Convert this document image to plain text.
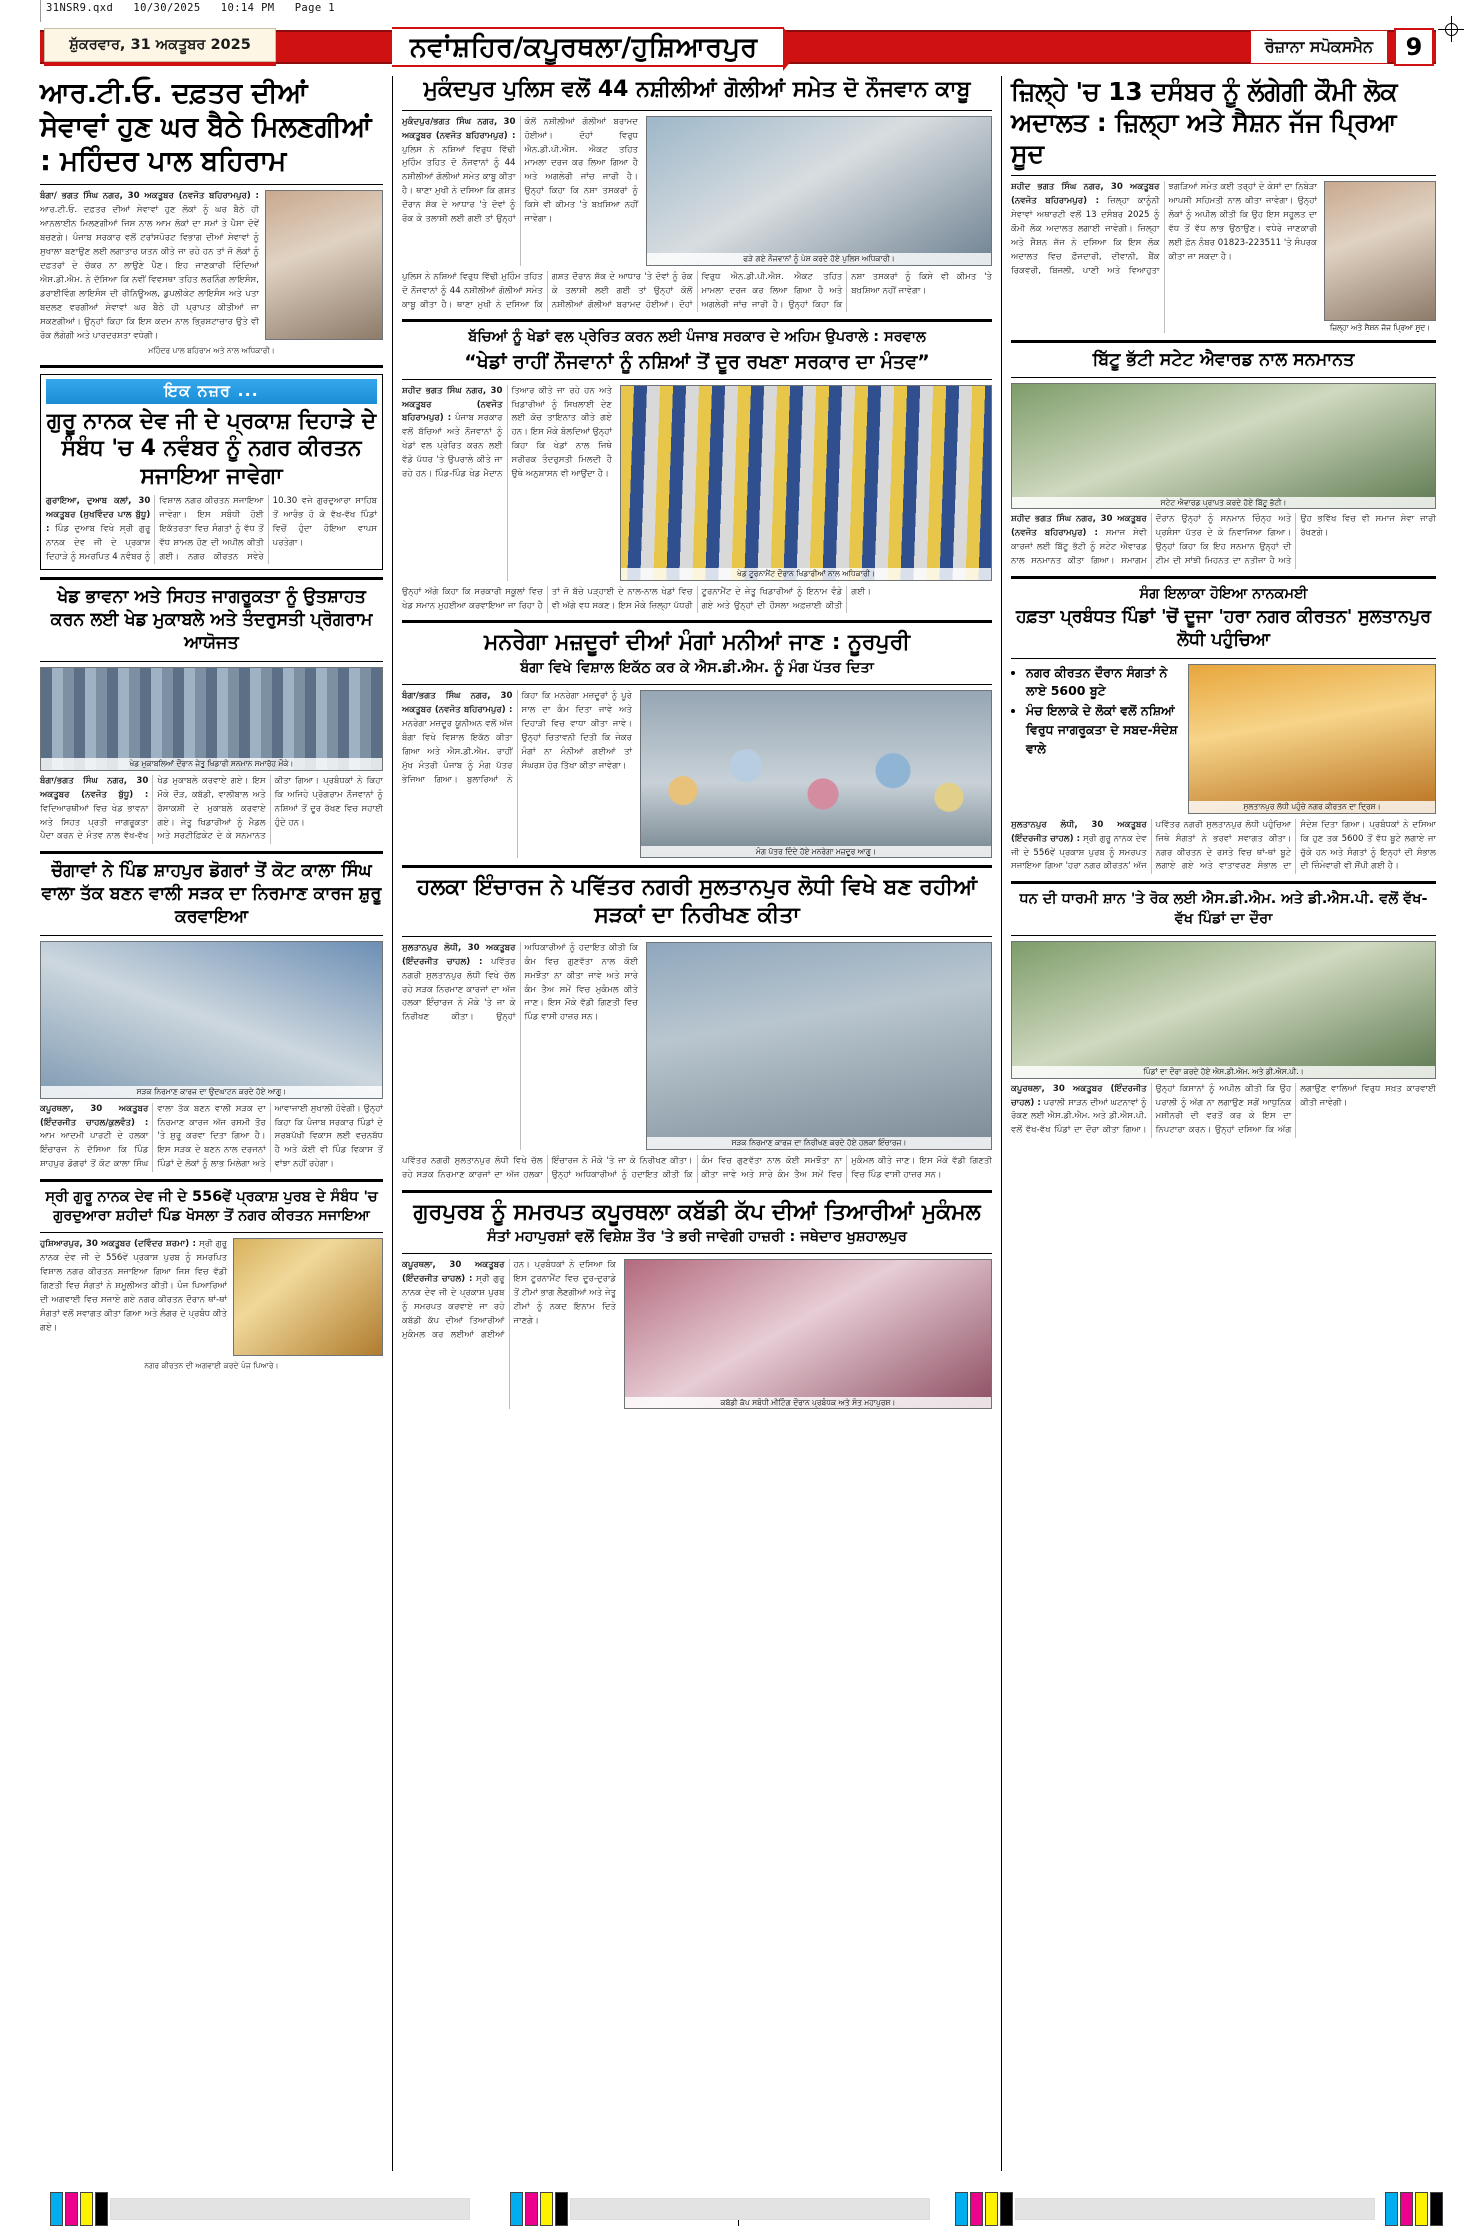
31NSR9.qxd   10/30/2025   10:14 PM   Page 1
ਸ਼ੁੱਕਰਵਾਰ, 31 ਅਕਤੂਬਰ 2025	ਨਵਾਂਸ਼ਹਿਰ/ਕਪੂਰਥਲਾ/ਹੁਸ਼ਿਆਰਪੁਰ	ਰੋਜ਼ਾਨਾ ਸਪੋਕਸਮੈਨ	9
ਆਰ.ਟੀ.ਓ. ਦਫ਼ਤਰ ਦੀਆਂ ਸੇਵਾਵਾਂ ਹੁਣ ਘਰ ਬੈਠੇ ਮਿਲਣਗੀਆਂ : ਮਹਿੰਦਰ ਪਾਲ ਬਹਿਰਾਮ
ਬੰਗਾ/ ਭਗਤ ਸਿੰਘ ਨਗਰ, 30 ਅਕਤੂਬਰ (ਨਵਜੋਤ ਬਹਿਰਾਮਪੁਰ) : ਆਰ.ਟੀ.ਓ. ਦਫ਼ਤਰ ਦੀਆਂ ਸੇਵਾਵਾਂ ਹੁਣ ਲੋਕਾਂ ਨੂੰ ਘਰ ਬੈਠੇ ਹੀ ਆਨਲਾਈਨ ਮਿਲਣਗੀਆਂ ਜਿਸ ਨਾਲ ਆਮ ਲੋਕਾਂ ਦਾ ਸਮਾਂ ਤੇ ਪੈਸਾ ਦੋਵੇਂ ਬਚਣਗੇ। ਪੰਜਾਬ ਸਰਕਾਰ ਵਲੋਂ ਟਰਾਂਸਪੋਰਟ ਵਿਭਾਗ ਦੀਆਂ ਸੇਵਾਵਾਂ ਨੂੰ ਸੁਖਾਲਾ ਬਣਾਉਣ ਲਈ ਲਗਾਤਾਰ ਯਤਨ ਕੀਤੇ ਜਾ ਰਹੇ ਹਨ ਤਾਂ ਜੋ ਲੋਕਾਂ ਨੂੰ ਦਫ਼ਤਰਾਂ ਦੇ ਚੱਕਰ ਨਾ ਲਾਉਣੇ ਪੈਣ। ਇਹ ਜਾਣਕਾਰੀ ਦਿੰਦਿਆਂ ਐਸ.ਡੀ.ਐਮ. ਨੇ ਦੱਸਿਆ ਕਿ ਨਵੀਂ ਵਿਵਸਥਾ ਤਹਿਤ ਲਰਨਿੰਗ ਲਾਇਸੰਸ, ਡਰਾਈਵਿੰਗ ਲਾਇਸੰਸ ਦੀ ਰੀਨਿਊਅਲ, ਡੁਪਲੀਕੇਟ ਲਾਇਸੰਸ ਅਤੇ ਪਤਾ ਬਦਲਣ ਵਰਗੀਆਂ ਸੇਵਾਵਾਂ ਘਰ ਬੈਠੇ ਹੀ ਪ੍ਰਾਪਤ ਕੀਤੀਆਂ ਜਾ ਸਕਣਗੀਆਂ। ਉਨ੍ਹਾਂ ਕਿਹਾ ਕਿ ਇਸ ਕਦਮ ਨਾਲ ਭ੍ਰਿਸ਼ਟਾਚਾਰ ਉਤੇ ਵੀ ਰੋਕ ਲੱਗੇਗੀ ਅਤੇ ਪਾਰਦਰਸ਼ਤਾ ਵਧੇਗੀ।
ਮਹਿੰਦਰ ਪਾਲ ਬਹਿਰਾਮ ਅਤੇ ਨਾਲ ਅਧਿਕਾਰੀ।
ਇਕ ਨਜ਼ਰ ...
ਗੁਰੂ ਨਾਨਕ ਦੇਵ ਜੀ ਦੇ ਪ੍ਰਕਾਸ਼ ਦਿਹਾੜੇ ਦੇ ਸੰਬੰਧ 'ਚ 4 ਨਵੰਬਰ ਨੂੰ ਨਗਰ ਕੀਰਤਨ ਸਜਾਇਆ ਜਾਵੇਗਾ
ਗੁਰਾਇਆ, ਦੁਆਬ ਕਲਾਂ, 30 ਅਕਤੂਬਰ (ਸੁਖਵਿੰਦਰ ਪਾਲ ਬੁੱਧੂ) : ਪਿੰਡ ਦੁਆਬ ਵਿਖੇ ਸ੍ਰੀ ਗੁਰੂ ਨਾਨਕ ਦੇਵ ਜੀ ਦੇ ਪ੍ਰਕਾਸ਼ ਦਿਹਾੜੇ ਨੂੰ ਸਮਰਪਿਤ 4 ਨਵੰਬਰ ਨੂੰ ਵਿਸ਼ਾਲ ਨਗਰ ਕੀਰਤਨ ਸਜਾਇਆ ਜਾਵੇਗਾ। ਇਸ ਸਬੰਧੀ ਹੋਈ ਇਕੱਤਰਤਾ ਵਿਚ ਸੰਗਤਾਂ ਨੂੰ ਵੱਧ ਤੋਂ ਵੱਧ ਸ਼ਾਮਲ ਹੋਣ ਦੀ ਅਪੀਲ ਕੀਤੀ ਗਈ। ਨਗਰ ਕੀਰਤਨ ਸਵੇਰੇ 10.30 ਵਜੇ ਗੁਰਦੁਆਰਾ ਸਾਹਿਬ ਤੋਂ ਆਰੰਭ ਹੋ ਕੇ ਵੱਖ-ਵੱਖ ਪਿੰਡਾਂ ਵਿਚੋਂ ਹੁੰਦਾ ਹੋਇਆ ਵਾਪਸ ਪਰਤੇਗਾ।
ਖੇਡ ਭਾਵਨਾ ਅਤੇ ਸਿਹਤ ਜਾਗਰੂਕਤਾ ਨੂੰ ਉਤਸ਼ਾਹਤ ਕਰਨ ਲਈ ਖੇਡ ਮੁਕਾਬਲੇ ਅਤੇ ਤੰਦਰੁਸਤੀ ਪ੍ਰੋਗਰਾਮ ਆਯੋਜਤ
ਖੇਡ ਮੁਕਾਬਲਿਆਂ ਦੌਰਾਨ ਜੇਤੂ ਖਿਡਾਰੀ ਸਨਮਾਨ ਸਮਾਰੋਹ ਮੌਕੇ।
ਬੰਗਾ/ਭਗਤ ਸਿੰਘ ਨਗਰ, 30 ਅਕਤੂਬਰ (ਨਵਜੋਤ ਬੁੱਧੂ) : ਵਿਦਿਆਰਥੀਆਂ ਵਿਚ ਖੇਡ ਭਾਵਨਾ ਅਤੇ ਸਿਹਤ ਪ੍ਰਤੀ ਜਾਗਰੂਕਤਾ ਪੈਦਾ ਕਰਨ ਦੇ ਮੰਤਵ ਨਾਲ ਵੱਖ-ਵੱਖ ਖੇਡ ਮੁਕਾਬਲੇ ਕਰਵਾਏ ਗਏ। ਇਸ ਮੌਕੇ ਦੌੜ, ਕਬੱਡੀ, ਵਾਲੀਬਾਲ ਅਤੇ ਰੱਸਾਕਸ਼ੀ ਦੇ ਮੁਕਾਬਲੇ ਕਰਵਾਏ ਗਏ। ਜੇਤੂ ਖਿਡਾਰੀਆਂ ਨੂੰ ਮੈਡਲ ਅਤੇ ਸਰਟੀਫ਼ਿਕੇਟ ਦੇ ਕੇ ਸਨਮਾਨਤ ਕੀਤਾ ਗਿਆ। ਪ੍ਰਬੰਧਕਾਂ ਨੇ ਕਿਹਾ ਕਿ ਅਜਿਹੇ ਪ੍ਰੋਗਰਾਮ ਨੌਜਵਾਨਾਂ ਨੂੰ ਨਸ਼ਿਆਂ ਤੋਂ ਦੂਰ ਰੱਖਣ ਵਿਚ ਸਹਾਈ ਹੁੰਦੇ ਹਨ।
ਚੌਗਾਵਾਂ ਨੇ ਪਿੰਡ ਸ਼ਾਹਪੁਰ ਡੋਗਰਾਂ ਤੋਂ ਕੋਟ ਕਾਲਾ ਸਿੰਘ ਵਾਲਾ ਤੱਕ ਬਣਨ ਵਾਲੀ ਸੜਕ ਦਾ ਨਿਰਮਾਣ ਕਾਰਜ ਸ਼ੁਰੂ ਕਰਵਾਇਆ
ਸੜਕ ਨਿਰਮਾਣ ਕਾਰਜ ਦਾ ਉਦਘਾਟਨ ਕਰਦੇ ਹੋਏ ਆਗੂ।
ਕਪੂਰਥਲਾ, 30 ਅਕਤੂਬਰ (ਇੰਦਰਜੀਤ ਚਾਹਲ/ਕੁਲਵੰਤ) : ਆਮ ਆਦਮੀ ਪਾਰਟੀ ਦੇ ਹਲਕਾ ਇੰਚਾਰਜ ਨੇ ਦੱਸਿਆ ਕਿ ਪਿੰਡ ਸ਼ਾਹਪੁਰ ਡੋਗਰਾਂ ਤੋਂ ਕੋਟ ਕਾਲਾ ਸਿੰਘ ਵਾਲਾ ਤੱਕ ਬਣਨ ਵਾਲੀ ਸੜਕ ਦਾ ਨਿਰਮਾਣ ਕਾਰਜ ਅੱਜ ਰਸਮੀ ਤੌਰ 'ਤੇ ਸ਼ੁਰੂ ਕਰਵਾ ਦਿਤਾ ਗਿਆ ਹੈ। ਇਸ ਸੜਕ ਦੇ ਬਣਨ ਨਾਲ ਦਰਜਨਾਂ ਪਿੰਡਾਂ ਦੇ ਲੋਕਾਂ ਨੂੰ ਲਾਭ ਮਿਲੇਗਾ ਅਤੇ ਆਵਾਜਾਈ ਸੁਖਾਲੀ ਹੋਵੇਗੀ। ਉਨ੍ਹਾਂ ਕਿਹਾ ਕਿ ਪੰਜਾਬ ਸਰਕਾਰ ਪਿੰਡਾਂ ਦੇ ਸਰਬਪੱਖੀ ਵਿਕਾਸ ਲਈ ਵਚਨਬੱਧ ਹੈ ਅਤੇ ਕੋਈ ਵੀ ਪਿੰਡ ਵਿਕਾਸ ਤੋਂ ਵਾਂਝਾ ਨਹੀਂ ਰਹੇਗਾ।
ਸ੍ਰੀ ਗੁਰੂ ਨਾਨਕ ਦੇਵ ਜੀ ਦੇ 556ਵੇਂ ਪ੍ਰਕਾਸ਼ ਪੁਰਬ ਦੇ ਸੰਬੰਧ 'ਚ ਗੁਰਦੁਆਰਾ ਸ਼ਹੀਦਾਂ ਪਿੰਡ ਖੋਸਲਾ ਤੋਂ ਨਗਰ ਕੀਰਤਨ ਸਜਾਇਆ
ਹੁਸ਼ਿਆਰਪੁਰ, 30 ਅਕਤੂਬਰ (ਦਵਿੰਦਰ ਸ਼ਰਮਾ) : ਸ੍ਰੀ ਗੁਰੂ ਨਾਨਕ ਦੇਵ ਜੀ ਦੇ 556ਵੇਂ ਪ੍ਰਕਾਸ਼ ਪੁਰਬ ਨੂੰ ਸਮਰਪਿਤ ਵਿਸ਼ਾਲ ਨਗਰ ਕੀਰਤਨ ਸਜਾਇਆ ਗਿਆ ਜਿਸ ਵਿਚ ਵੱਡੀ ਗਿਣਤੀ ਵਿਚ ਸੰਗਤਾਂ ਨੇ ਸ਼ਮੂਲੀਅਤ ਕੀਤੀ। ਪੰਜ ਪਿਆਰਿਆਂ ਦੀ ਅਗਵਾਈ ਵਿਚ ਸਜਾਏ ਗਏ ਨਗਰ ਕੀਰਤਨ ਦੌਰਾਨ ਥਾਂ-ਥਾਂ ਸੰਗਤਾਂ ਵਲੋਂ ਸਵਾਗਤ ਕੀਤਾ ਗਿਆ ਅਤੇ ਲੰਗਰ ਦੇ ਪ੍ਰਬੰਧ ਕੀਤੇ ਗਏ।
ਨਗਰ ਕੀਰਤਨ ਦੀ ਅਗਵਾਈ ਕਰਦੇ ਪੰਜ ਪਿਆਰੇ।
ਮੁਕੰਦਪੁਰ ਪੁਲਿਸ ਵਲੋਂ 44 ਨਸ਼ੀਲੀਆਂ ਗੋਲੀਆਂ ਸਮੇਤ ਦੋ ਨੌਜਵਾਨ ਕਾਬੂ
ਮੁਕੰਦਪੁਰ/ਭਗਤ ਸਿੰਘ ਨਗਰ, 30 ਅਕਤੂਬਰ (ਨਵਜੋਤ ਬਹਿਰਾਮਪੁਰ) : ਪੁਲਿਸ ਨੇ ਨਸ਼ਿਆਂ ਵਿਰੁਧ ਵਿੱਢੀ ਮੁਹਿੰਮ ਤਹਿਤ ਦੋ ਨੌਜਵਾਨਾਂ ਨੂੰ 44 ਨਸ਼ੀਲੀਆਂ ਗੋਲੀਆਂ ਸਮੇਤ ਕਾਬੂ ਕੀਤਾ ਹੈ। ਥਾਣਾ ਮੁਖੀ ਨੇ ਦਸਿਆ ਕਿ ਗਸ਼ਤ ਦੌਰਾਨ ਸ਼ੱਕ ਦੇ ਆਧਾਰ 'ਤੇ ਦੋਵਾਂ ਨੂੰ ਰੋਕ ਕੇ ਤਲਾਸ਼ੀ ਲਈ ਗਈ ਤਾਂ ਉਨ੍ਹਾਂ ਕੋਲੋਂ ਨਸ਼ੀਲੀਆਂ ਗੋਲੀਆਂ ਬਰਾਮਦ ਹੋਈਆਂ। ਦੋਹਾਂ ਵਿਰੁਧ ਐਨ.ਡੀ.ਪੀ.ਐਸ. ਐਕਟ ਤਹਿਤ ਮਾਮਲਾ ਦਰਜ ਕਰ ਲਿਆ ਗਿਆ ਹੈ ਅਤੇ ਅਗਲੇਰੀ ਜਾਂਚ ਜਾਰੀ ਹੈ। ਉਨ੍ਹਾਂ ਕਿਹਾ ਕਿ ਨਸ਼ਾ ਤਸਕਰਾਂ ਨੂੰ ਕਿਸੇ ਵੀ ਕੀਮਤ 'ਤੇ ਬਖ਼ਸ਼ਿਆ ਨਹੀਂ ਜਾਵੇਗਾ।
ਫੜੇ ਗਏ ਨੌਜਵਾਨਾਂ ਨੂੰ ਪੇਸ਼ ਕਰਦੇ ਹੋਏ ਪੁਲਿਸ ਅਧਿਕਾਰੀ।
ਪੁਲਿਸ ਨੇ ਨਸ਼ਿਆਂ ਵਿਰੁਧ ਵਿੱਢੀ ਮੁਹਿੰਮ ਤਹਿਤ ਦੋ ਨੌਜਵਾਨਾਂ ਨੂੰ 44 ਨਸ਼ੀਲੀਆਂ ਗੋਲੀਆਂ ਸਮੇਤ ਕਾਬੂ ਕੀਤਾ ਹੈ। ਥਾਣਾ ਮੁਖੀ ਨੇ ਦਸਿਆ ਕਿ ਗਸ਼ਤ ਦੌਰਾਨ ਸ਼ੱਕ ਦੇ ਆਧਾਰ 'ਤੇ ਦੋਵਾਂ ਨੂੰ ਰੋਕ ਕੇ ਤਲਾਸ਼ੀ ਲਈ ਗਈ ਤਾਂ ਉਨ੍ਹਾਂ ਕੋਲੋਂ ਨਸ਼ੀਲੀਆਂ ਗੋਲੀਆਂ ਬਰਾਮਦ ਹੋਈਆਂ। ਦੋਹਾਂ ਵਿਰੁਧ ਐਨ.ਡੀ.ਪੀ.ਐਸ. ਐਕਟ ਤਹਿਤ ਮਾਮਲਾ ਦਰਜ ਕਰ ਲਿਆ ਗਿਆ ਹੈ ਅਤੇ ਅਗਲੇਰੀ ਜਾਂਚ ਜਾਰੀ ਹੈ। ਉਨ੍ਹਾਂ ਕਿਹਾ ਕਿ ਨਸ਼ਾ ਤਸਕਰਾਂ ਨੂੰ ਕਿਸੇ ਵੀ ਕੀਮਤ 'ਤੇ ਬਖ਼ਸ਼ਿਆ ਨਹੀਂ ਜਾਵੇਗਾ।
ਬੱਚਿਆਂ ਨੂੰ ਖੇਡਾਂ ਵਲ ਪ੍ਰੇਰਿਤ ਕਰਨ ਲਈ ਪੰਜਾਬ ਸਰਕਾਰ ਦੇ ਅਹਿਮ ਉਪਰਾਲੇ : ਸਰਵਾਲ
“ਖੇਡਾਂ ਰਾਹੀਂ ਨੌਜਵਾਨਾਂ ਨੂੰ ਨਸ਼ਿਆਂ ਤੋਂ ਦੂਰ ਰਖਣਾ ਸਰਕਾਰ ਦਾ ਮੰਤਵ”
ਸ਼ਹੀਦ ਭਗਤ ਸਿੰਘ ਨਗਰ, 30 ਅਕਤੂਬਰ (ਨਵਜੋਤ ਬਹਿਰਾਮਪੁਰ) : ਪੰਜਾਬ ਸਰਕਾਰ ਵਲੋਂ ਬੱਚਿਆਂ ਅਤੇ ਨੌਜਵਾਨਾਂ ਨੂੰ ਖੇਡਾਂ ਵਲ ਪ੍ਰੇਰਿਤ ਕਰਨ ਲਈ ਵੱਡੇ ਪੱਧਰ 'ਤੇ ਉਪਰਾਲੇ ਕੀਤੇ ਜਾ ਰਹੇ ਹਨ। ਪਿੰਡ-ਪਿੰਡ ਖੇਡ ਮੈਦਾਨ ਤਿਆਰ ਕੀਤੇ ਜਾ ਰਹੇ ਹਨ ਅਤੇ ਖਿਡਾਰੀਆਂ ਨੂੰ ਸਿਖਲਾਈ ਦੇਣ ਲਈ ਕੋਚ ਤਾਇਨਾਤ ਕੀਤੇ ਗਏ ਹਨ। ਇਸ ਮੌਕੇ ਬੋਲਦਿਆਂ ਉਨ੍ਹਾਂ ਕਿਹਾ ਕਿ ਖੇਡਾਂ ਨਾਲ ਜਿਥੇ ਸਰੀਰਕ ਤੰਦਰੁਸਤੀ ਮਿਲਦੀ ਹੈ ਉਥੇ ਅਨੁਸ਼ਾਸਨ ਵੀ ਆਉਂਦਾ ਹੈ।
ਖੇਡ ਟੂਰਨਾਮੈਂਟ ਦੌਰਾਨ ਖਿਡਾਰੀਆਂ ਨਾਲ ਅਧਿਕਾਰੀ।
ਉਨ੍ਹਾਂ ਅੱਗੇ ਕਿਹਾ ਕਿ ਸਰਕਾਰੀ ਸਕੂਲਾਂ ਵਿਚ ਖੇਡ ਸਮਾਨ ਮੁਹਈਆ ਕਰਵਾਇਆ ਜਾ ਰਿਹਾ ਹੈ ਤਾਂ ਜੋ ਬੱਚੇ ਪੜ੍ਹਾਈ ਦੇ ਨਾਲ-ਨਾਲ ਖੇਡਾਂ ਵਿਚ ਵੀ ਅੱਗੇ ਵਧ ਸਕਣ। ਇਸ ਮੌਕੇ ਜ਼ਿਲ੍ਹਾ ਪੱਧਰੀ ਟੂਰਨਾਮੈਂਟ ਦੇ ਜੇਤੂ ਖਿਡਾਰੀਆਂ ਨੂੰ ਇਨਾਮ ਵੰਡੇ ਗਏ ਅਤੇ ਉਨ੍ਹਾਂ ਦੀ ਹੌਸਲਾ ਅਫ਼ਜ਼ਾਈ ਕੀਤੀ ਗਈ।
ਮਨਰੇਗਾ ਮਜ਼ਦੂਰਾਂ ਦੀਆਂ ਮੰਗਾਂ ਮਨੀਆਂ ਜਾਣ : ਨੂਰਪੁਰੀ
ਬੰਗਾ ਵਿਖੇ ਵਿਸ਼ਾਲ ਇਕੱਠ ਕਰ ਕੇ ਐਸ.ਡੀ.ਐਮ. ਨੂੰ ਮੰਗ ਪੱਤਰ ਦਿਤਾ
ਬੰਗਾ/ਭਗਤ ਸਿੰਘ ਨਗਰ, 30 ਅਕਤੂਬਰ (ਨਵਜੋਤ ਬਹਿਰਾਮਪੁਰ) : ਮਨਰੇਗਾ ਮਜ਼ਦੂਰ ਯੂਨੀਅਨ ਵਲੋਂ ਅੱਜ ਬੰਗਾ ਵਿਖੇ ਵਿਸ਼ਾਲ ਇਕੱਠ ਕੀਤਾ ਗਿਆ ਅਤੇ ਐਸ.ਡੀ.ਐਮ. ਰਾਹੀਂ ਮੁੱਖ ਮੰਤਰੀ ਪੰਜਾਬ ਨੂੰ ਮੰਗ ਪੱਤਰ ਭੇਜਿਆ ਗਿਆ। ਬੁਲਾਰਿਆਂ ਨੇ ਕਿਹਾ ਕਿ ਮਨਰੇਗਾ ਮਜ਼ਦੂਰਾਂ ਨੂੰ ਪੂਰੇ ਸਾਲ ਦਾ ਕੰਮ ਦਿਤਾ ਜਾਵੇ ਅਤੇ ਦਿਹਾੜੀ ਵਿਚ ਵਾਧਾ ਕੀਤਾ ਜਾਵੇ। ਉਨ੍ਹਾਂ ਚਿਤਾਵਨੀ ਦਿਤੀ ਕਿ ਜੇਕਰ ਮੰਗਾਂ ਨਾ ਮੰਨੀਆਂ ਗਈਆਂ ਤਾਂ ਸੰਘਰਸ਼ ਹੋਰ ਤਿੱਖਾ ਕੀਤਾ ਜਾਵੇਗਾ।
ਮੰਗ ਪੱਤਰ ਦਿੰਦੇ ਹੋਏ ਮਨਰੇਗਾ ਮਜ਼ਦੂਰ ਆਗੂ।
ਹਲਕਾ ਇੰਚਾਰਜ ਨੇ ਪਵਿੱਤਰ ਨਗਰੀ ਸੁਲਤਾਨਪੁਰ ਲੋਧੀ ਵਿਖੇ ਬਣ ਰਹੀਆਂ ਸੜਕਾਂ ਦਾ ਨਿਰੀਖਣ ਕੀਤਾ
ਸੁਲਤਾਨਪੁਰ ਲੋਧੀ, 30 ਅਕਤੂਬਰ (ਇੰਦਰਜੀਤ ਚਾਹਲ) : ਪਵਿੱਤਰ ਨਗਰੀ ਸੁਲਤਾਨਪੁਰ ਲੋਧੀ ਵਿਖੇ ਚੱਲ ਰਹੇ ਸੜਕ ਨਿਰਮਾਣ ਕਾਰਜਾਂ ਦਾ ਅੱਜ ਹਲਕਾ ਇੰਚਾਰਜ ਨੇ ਮੌਕੇ 'ਤੇ ਜਾ ਕੇ ਨਿਰੀਖਣ ਕੀਤਾ। ਉਨ੍ਹਾਂ ਅਧਿਕਾਰੀਆਂ ਨੂੰ ਹਦਾਇਤ ਕੀਤੀ ਕਿ ਕੰਮ ਵਿਚ ਗੁਣਵੱਤਾ ਨਾਲ ਕੋਈ ਸਮਝੌਤਾ ਨਾ ਕੀਤਾ ਜਾਵੇ ਅਤੇ ਸਾਰੇ ਕੰਮ ਤੈਅ ਸਮੇਂ ਵਿਚ ਮੁਕੰਮਲ ਕੀਤੇ ਜਾਣ। ਇਸ ਮੌਕੇ ਵੱਡੀ ਗਿਣਤੀ ਵਿਚ ਪਿੰਡ ਵਾਸੀ ਹਾਜ਼ਰ ਸਨ।
ਸੜਕ ਨਿਰਮਾਣ ਕਾਰਜ ਦਾ ਨਿਰੀਖਣ ਕਰਦੇ ਹੋਏ ਹਲਕਾ ਇੰਚਾਰਜ।
ਪਵਿੱਤਰ ਨਗਰੀ ਸੁਲਤਾਨਪੁਰ ਲੋਧੀ ਵਿਖੇ ਚੱਲ ਰਹੇ ਸੜਕ ਨਿਰਮਾਣ ਕਾਰਜਾਂ ਦਾ ਅੱਜ ਹਲਕਾ ਇੰਚਾਰਜ ਨੇ ਮੌਕੇ 'ਤੇ ਜਾ ਕੇ ਨਿਰੀਖਣ ਕੀਤਾ। ਉਨ੍ਹਾਂ ਅਧਿਕਾਰੀਆਂ ਨੂੰ ਹਦਾਇਤ ਕੀਤੀ ਕਿ ਕੰਮ ਵਿਚ ਗੁਣਵੱਤਾ ਨਾਲ ਕੋਈ ਸਮਝੌਤਾ ਨਾ ਕੀਤਾ ਜਾਵੇ ਅਤੇ ਸਾਰੇ ਕੰਮ ਤੈਅ ਸਮੇਂ ਵਿਚ ਮੁਕੰਮਲ ਕੀਤੇ ਜਾਣ। ਇਸ ਮੌਕੇ ਵੱਡੀ ਗਿਣਤੀ ਵਿਚ ਪਿੰਡ ਵਾਸੀ ਹਾਜ਼ਰ ਸਨ।
ਗੁਰਪੁਰਬ ਨੂੰ ਸਮਰਪਤ ਕਪੂਰਥਲਾ ਕਬੱਡੀ ਕੱਪ ਦੀਆਂ ਤਿਆਰੀਆਂ ਮੁਕੰਮਲ
ਸੰਤਾਂ ਮਹਾਪੁਰਸ਼ਾਂ ਵਲੋਂ ਵਿਸ਼ੇਸ਼ ਤੌਰ 'ਤੇ ਭਰੀ ਜਾਵੇਗੀ ਹਾਜ਼ਰੀ : ਜਥੇਦਾਰ ਖੁਸ਼ਹਾਲਪੁਰ
ਕਪੂਰਥਲਾ, 30 ਅਕਤੂਬਰ (ਇੰਦਰਜੀਤ ਚਾਹਲ) : ਸ੍ਰੀ ਗੁਰੂ ਨਾਨਕ ਦੇਵ ਜੀ ਦੇ ਪ੍ਰਕਾਸ਼ ਪੁਰਬ ਨੂੰ ਸਮਰਪਤ ਕਰਵਾਏ ਜਾ ਰਹੇ ਕਬੱਡੀ ਕੱਪ ਦੀਆਂ ਤਿਆਰੀਆਂ ਮੁਕੰਮਲ ਕਰ ਲਈਆਂ ਗਈਆਂ ਹਨ। ਪ੍ਰਬੰਧਕਾਂ ਨੇ ਦਸਿਆ ਕਿ ਇਸ ਟੂਰਨਾਮੈਂਟ ਵਿਚ ਦੂਰ-ਦੁਰਾਡੇ ਤੋਂ ਟੀਮਾਂ ਭਾਗ ਲੈਣਗੀਆਂ ਅਤੇ ਜੇਤੂ ਟੀਮਾਂ ਨੂੰ ਨਕਦ ਇਨਾਮ ਦਿਤੇ ਜਾਣਗੇ।
ਕਬੱਡੀ ਕੱਪ ਸਬੰਧੀ ਮੀਟਿੰਗ ਦੌਰਾਨ ਪ੍ਰਬੰਧਕ ਅਤੇ ਸੰਤ ਮਹਾਪੁਰਸ਼।
ਜ਼ਿਲ੍ਹੇ 'ਚ 13 ਦਸੰਬਰ ਨੂੰ ਲੱਗੇਗੀ ਕੌਮੀ ਲੋਕ ਅਦਾਲਤ : ਜ਼ਿਲ੍ਹਾ ਅਤੇ ਸੈਸ਼ਨ ਜੱਜ ਪ੍ਰਿਆ ਸੂਦ
ਸ਼ਹੀਦ ਭਗਤ ਸਿੰਘ ਨਗਰ, 30 ਅਕਤੂਬਰ (ਨਵਜੋਤ ਬਹਿਰਾਮਪੁਰ) : ਜ਼ਿਲ੍ਹਾ ਕਾਨੂੰਨੀ ਸੇਵਾਵਾਂ ਅਥਾਰਟੀ ਵਲੋਂ 13 ਦਸੰਬਰ 2025 ਨੂੰ ਕੌਮੀ ਲੋਕ ਅਦਾਲਤ ਲਗਾਈ ਜਾਵੇਗੀ। ਜ਼ਿਲ੍ਹਾ ਅਤੇ ਸੈਸ਼ਨ ਜੱਜ ਨੇ ਦਸਿਆ ਕਿ ਇਸ ਲੋਕ ਅਦਾਲਤ ਵਿਚ ਫ਼ੌਜਦਾਰੀ, ਦੀਵਾਨੀ, ਬੈਂਕ ਰਿਕਵਰੀ, ਬਿਜਲੀ, ਪਾਣੀ ਅਤੇ ਵਿਆਹੁਤਾ ਝਗੜਿਆਂ ਸਮੇਤ ਕਈ ਤਰ੍ਹਾਂ ਦੇ ਕੇਸਾਂ ਦਾ ਨਿਬੇੜਾ ਆਪਸੀ ਸਹਿਮਤੀ ਨਾਲ ਕੀਤਾ ਜਾਵੇਗਾ। ਉਨ੍ਹਾਂ ਲੋਕਾਂ ਨੂੰ ਅਪੀਲ ਕੀਤੀ ਕਿ ਉਹ ਇਸ ਸਹੂਲਤ ਦਾ ਵੱਧ ਤੋਂ ਵੱਧ ਲਾਭ ਉਠਾਉਣ। ਵਧੇਰੇ ਜਾਣਕਾਰੀ ਲਈ ਫ਼ੋਨ ਨੰਬਰ 01823-223511 'ਤੇ ਸੰਪਰਕ ਕੀਤਾ ਜਾ ਸਕਦਾ ਹੈ।
ਜ਼ਿਲ੍ਹਾ ਅਤੇ ਸੈਸ਼ਨ ਜੱਜ ਪ੍ਰਿਆ ਸੂਦ।
ਬਿੱਟੂ ਭੱਟੀ ਸਟੇਟ ਐਵਾਰਡ ਨਾਲ ਸਨਮਾਨਤ
ਸਟੇਟ ਐਵਾਰਡ ਪ੍ਰਾਪਤ ਕਰਦੇ ਹੋਏ ਬਿੱਟੂ ਭੱਟੀ।
ਸ਼ਹੀਦ ਭਗਤ ਸਿੰਘ ਨਗਰ, 30 ਅਕਤੂਬਰ (ਨਵਜੋਤ ਬਹਿਰਾਮਪੁਰ) : ਸਮਾਜ ਸੇਵੀ ਕਾਰਜਾਂ ਲਈ ਬਿੱਟੂ ਭੱਟੀ ਨੂੰ ਸਟੇਟ ਐਵਾਰਡ ਨਾਲ ਸਨਮਾਨਤ ਕੀਤਾ ਗਿਆ। ਸਮਾਗਮ ਦੌਰਾਨ ਉਨ੍ਹਾਂ ਨੂੰ ਸਨਮਾਨ ਚਿੰਨ੍ਹ ਅਤੇ ਪ੍ਰਸ਼ੰਸਾ ਪੱਤਰ ਦੇ ਕੇ ਨਿਵਾਜਿਆ ਗਿਆ। ਉਨ੍ਹਾਂ ਕਿਹਾ ਕਿ ਇਹ ਸਨਮਾਨ ਉਨ੍ਹਾਂ ਦੀ ਟੀਮ ਦੀ ਸਾਂਝੀ ਮਿਹਨਤ ਦਾ ਨਤੀਜਾ ਹੈ ਅਤੇ ਉਹ ਭਵਿੱਖ ਵਿਚ ਵੀ ਸਮਾਜ ਸੇਵਾ ਜਾਰੀ ਰੱਖਣਗੇ।
ਸੰਗ ਇਲਾਕਾ ਹੋਇਆ ਨਾਨਕਮਈ
ਹਫ਼ਤਾ ਪ੍ਰਬੰਧਤ ਪਿੰਡਾਂ 'ਚੋਂ ਦੂਜਾ 'ਹਰਾ ਨਗਰ ਕੀਰਤਨ' ਸੁਲਤਾਨਪੁਰ ਲੋਧੀ ਪਹੁੰਚਿਆ
• ਨਗਰ ਕੀਰਤਨ ਦੌਰਾਨ ਸੰਗਤਾਂ ਨੇ ਲਾਏ 5600 ਬੂਟੇ
• ਮੰਚ ਇਲਾਕੇ ਦੇ ਲੋਕਾਂ ਵਲੋਂ ਨਸ਼ਿਆਂ ਵਿਰੁਧ ਜਾਗਰੂਕਤਾ ਦੇ ਸਬਦ-ਸੰਦੇਸ਼ ਵਾਲੇ
ਸੁਲਤਾਨਪੁਰ ਲੋਧੀ ਪਹੁੰਚੇ ਨਗਰ ਕੀਰਤਨ ਦਾ ਦ੍ਰਿਸ਼।
ਸੁਲਤਾਨਪੁਰ ਲੋਧੀ, 30 ਅਕਤੂਬਰ (ਇੰਦਰਜੀਤ ਚਾਹਲ) : ਸ੍ਰੀ ਗੁਰੂ ਨਾਨਕ ਦੇਵ ਜੀ ਦੇ 556ਵੇਂ ਪ੍ਰਕਾਸ਼ ਪੁਰਬ ਨੂੰ ਸਮਰਪਤ ਸਜਾਇਆ ਗਿਆ 'ਹਰਾ ਨਗਰ ਕੀਰਤਨ' ਅੱਜ ਪਵਿੱਤਰ ਨਗਰੀ ਸੁਲਤਾਨਪੁਰ ਲੋਧੀ ਪਹੁੰਚਿਆ ਜਿਥੇ ਸੰਗਤਾਂ ਨੇ ਭਰਵਾਂ ਸਵਾਗਤ ਕੀਤਾ। ਨਗਰ ਕੀਰਤਨ ਦੇ ਰਸਤੇ ਵਿਚ ਥਾਂ-ਥਾਂ ਬੂਟੇ ਲਗਾਏ ਗਏ ਅਤੇ ਵਾਤਾਵਰਣ ਸੰਭਾਲ ਦਾ ਸੰਦੇਸ਼ ਦਿਤਾ ਗਿਆ। ਪ੍ਰਬੰਧਕਾਂ ਨੇ ਦਸਿਆ ਕਿ ਹੁਣ ਤਕ 5600 ਤੋਂ ਵੱਧ ਬੂਟੇ ਲਗਾਏ ਜਾ ਚੁੱਕੇ ਹਨ ਅਤੇ ਸੰਗਤਾਂ ਨੂੰ ਇਨ੍ਹਾਂ ਦੀ ਸੰਭਾਲ ਦੀ ਜ਼ਿੰਮੇਵਾਰੀ ਵੀ ਸੌਂਪੀ ਗਈ ਹੈ।
ਧਨ ਦੀ ਧਾਰਮੀ ਸ਼ਾਨ 'ਤੇ ਰੋਕ ਲਈ ਐਸ.ਡੀ.ਐਮ. ਅਤੇ ਡੀ.ਐਸ.ਪੀ. ਵਲੋਂ ਵੱਖ-ਵੱਖ ਪਿੰਡਾਂ ਦਾ ਦੌਰਾ
ਪਿੰਡਾਂ ਦਾ ਦੌਰਾ ਕਰਦੇ ਹੋਏ ਐਸ.ਡੀ.ਐਮ. ਅਤੇ ਡੀ.ਐਸ.ਪੀ.।
ਕਪੂਰਥਲਾ, 30 ਅਕਤੂਬਰ (ਇੰਦਰਜੀਤ ਚਾਹਲ) : ਪਰਾਲੀ ਸਾੜਨ ਦੀਆਂ ਘਟਨਾਵਾਂ ਨੂੰ ਰੋਕਣ ਲਈ ਐਸ.ਡੀ.ਐਮ. ਅਤੇ ਡੀ.ਐਸ.ਪੀ. ਵਲੋਂ ਵੱਖ-ਵੱਖ ਪਿੰਡਾਂ ਦਾ ਦੌਰਾ ਕੀਤਾ ਗਿਆ। ਉਨ੍ਹਾਂ ਕਿਸਾਨਾਂ ਨੂੰ ਅਪੀਲ ਕੀਤੀ ਕਿ ਉਹ ਪਰਾਲੀ ਨੂੰ ਅੱਗ ਨਾ ਲਗਾਉਣ ਸਗੋਂ ਆਧੁਨਿਕ ਮਸ਼ੀਨਰੀ ਦੀ ਵਰਤੋਂ ਕਰ ਕੇ ਇਸ ਦਾ ਨਿਪਟਾਰਾ ਕਰਨ। ਉਨ੍ਹਾਂ ਦਸਿਆ ਕਿ ਅੱਗ ਲਗਾਉਣ ਵਾਲਿਆਂ ਵਿਰੁਧ ਸਖ਼ਤ ਕਾਰਵਾਈ ਕੀਤੀ ਜਾਵੇਗੀ।
